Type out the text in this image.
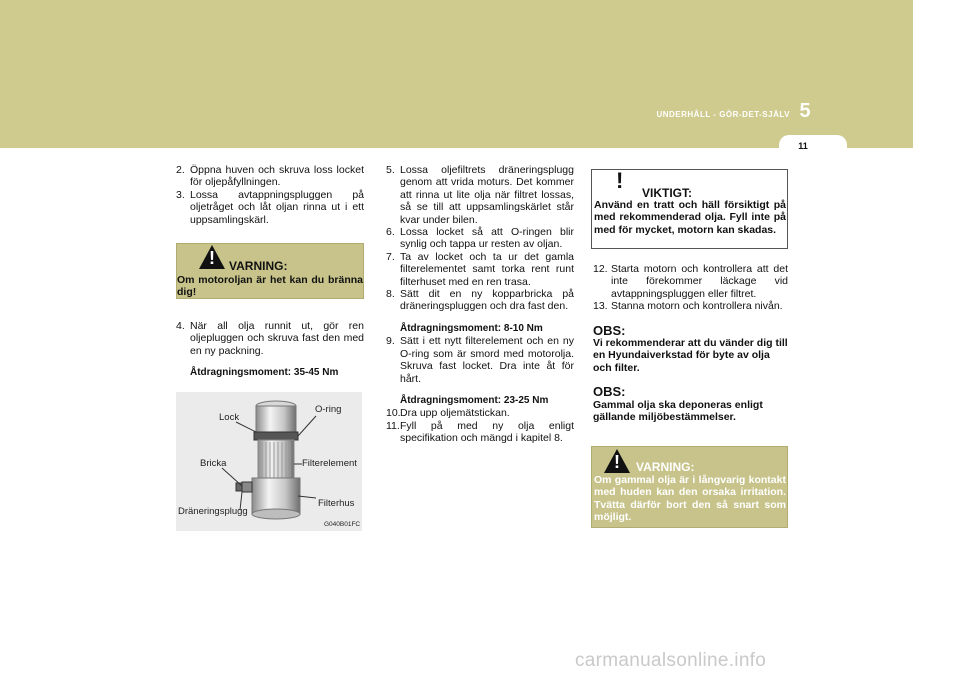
UNDERHÅLL - GÖR-DET-SJÄLV 5
11

2. Öppna huven och skruva loss locket för oljepåfyllningen.

3. Lossa avtappningspluggen på oljetråget och låt oljan rinna ut i ett uppsamlingskärl.

! VARNING:
Om motoroljan är het kan du bränna dig!

4. När all olja runnit ut, gör ren oljepluggen och skruva fast den med en ny packning.

Åtdragningsmoment: 35-45 Nm

Lock
O-ring
Bricka	Filterelement
Filterhus
Dräneringsplugg
G040B01FC

5. Lossa oljefiltrets dräneringsplugg genom att vrida moturs. Det kommer att rinna ut lite olja när filtret lossas, så se till att uppsamlingskärlet står kvar under bilen.

6. Lossa locket så att O-ringen blir synlig och tappa ur resten av oljan.

7. Ta av locket och ta ur det gamla filterelementet samt torka rent runt filterhuset med en ren trasa.

8. Sätt dit en ny kopparbricka på dräneringspluggen och dra fast den.

Åtdragningsmoment: 8-10 Nm

9. Sätt i ett nytt filterelement och en ny O-ring som är smord med motorolja. Skruva fast locket. Dra inte åt för hårt.

Åtdragningsmoment: 23-25 Nm

10.Dra upp oljemätstickan.

11.Fyll på med ny olja enligt specifikation och mängd i kapitel 8.

! VIKTIGT:
Använd en tratt och häll försiktigt på med rekommenderad olja. Fyll inte på med för mycket, motorn kan skadas.

12. Starta motorn och kontrollera att det inte förekommer läckage vid avtappningspluggen eller filtret.

13. Stanna motorn och kontrollera nivån.

OBS:

Vi rekommenderar att du vänder dig till en Hyundaiverkstad för byte av olja och filter.

OBS:

Gammal olja ska deponeras enligt gällande miljöbestämmelser.

! VARNING:
Om gammal olja är i långvarig kontakt med huden kan den orsaka irritation. Tvätta därför bort den så snart som möjligt.
carmanualsonline.info
